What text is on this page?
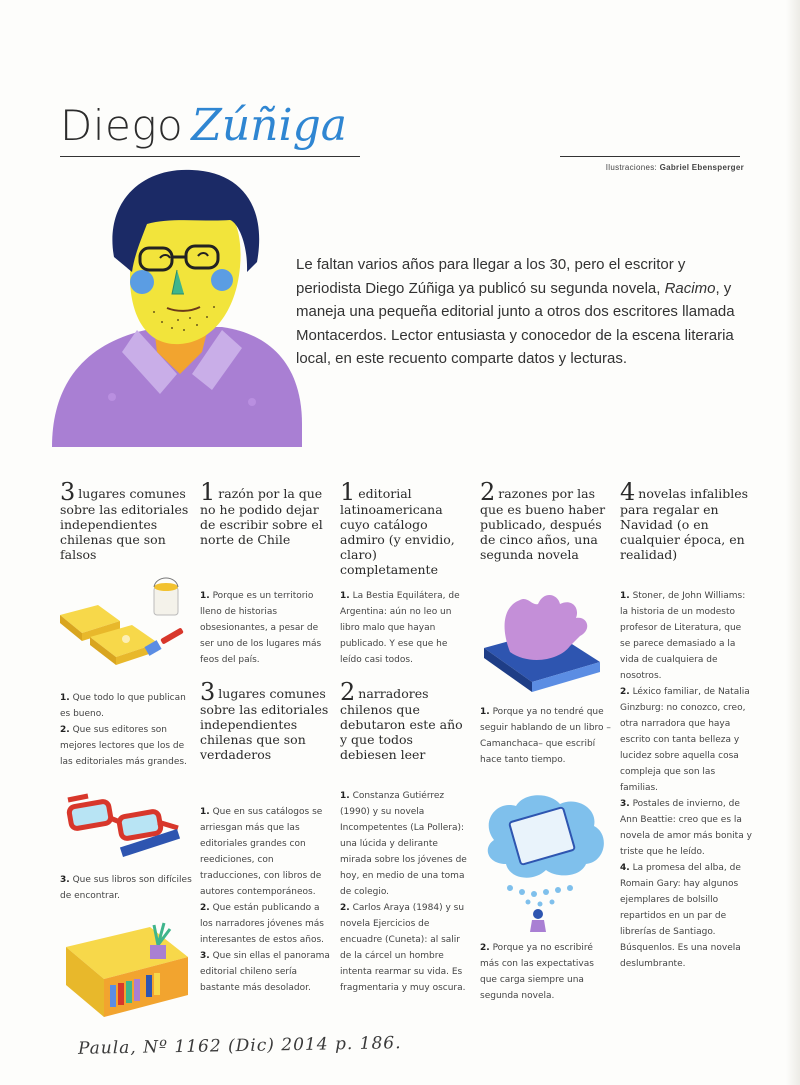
Diego Zúñiga
Ilustraciones: Gabriel Ebensperger

Le faltan varios años para llegar a los 30, pero el escritor y periodista Diego Zúñiga ya publicó su segunda novela, Racimo, y maneja una pequeña editorial junto a otros dos escritores llamada Montacerdos. Lector entusiasta y conocedor de la escena literaria local, en este recuento comparte datos y lecturas.

3 lugares comunes sobre las editoriales independientes chilenas que son falsos

1. Que todo lo que publican es bueno.

2. Que sus editores son mejores lectores que los de las editoriales más grandes.

3. Que sus libros son difíciles de encontrar.

1 razón por la que no he podido dejar de escribir sobre el norte de Chile

1. Porque es un territorio lleno de historias obsesionantes, a pesar de ser uno de los lugares más feos del país.

3 lugares comunes sobre las editoriales independientes chilenas que son verdaderos

1. Que en sus catálogos se arriesgan más que las editoriales grandes con reediciones, con traducciones, con libros de autores contemporáneos.

2. Que están publicando a los narradores jóvenes más interesantes de estos años.

3. Que sin ellas el panorama editorial chileno sería bastante más desolador.

1 editorial latinoamericana cuyo catálogo admiro (y envidio, claro) completamente

1. La Bestia Equilátera, de Argentina: aún no leo un libro malo que hayan publicado. Y ese que he leído casi todos.

2 narradores chilenos que debutaron este año y que todos debiesen leer

1. Constanza Gutiérrez (1990) y su novela Incompetentes (La Pollera): una lúcida y delirante mirada sobre los jóvenes de hoy, en medio de una toma de colegio.

2. Carlos Araya (1984) y su novela Ejercicios de encuadre (Cuneta): al salir de la cárcel un hombre intenta rearmar su vida. Es fragmentaria y muy oscura.

2 razones por las que es bueno haber publicado, después de cinco años, una segunda novela

1. Porque ya no tendré que seguir hablando de un libro –Camanchaca– que escribí hace tanto tiempo.

2. Porque ya no escribiré más con las expectativas que carga siempre una segunda novela.

4 novelas infalibles para regalar en Navidad (o en cualquier época, en realidad)

1. Stoner, de John Williams: la historia de un modesto profesor de Literatura, que se parece demasiado a la vida de cualquiera de nosotros.

2. Léxico familiar, de Natalia Ginzburg: no conozco, creo, otra narradora que haya escrito con tanta belleza y lucidez sobre aquella cosa compleja que son las familias.

3. Postales de invierno, de Ann Beattie: creo que es la novela de amor más bonita y triste que he leído.

4. La promesa del alba, de Romain Gary: hay algunos ejemplares de bolsillo repartidos en un par de librerías de Santiago. Búsquenlos. Es una novela deslumbrante.

Paula, Nº 1162 (Dic) 2014 p. 186.
